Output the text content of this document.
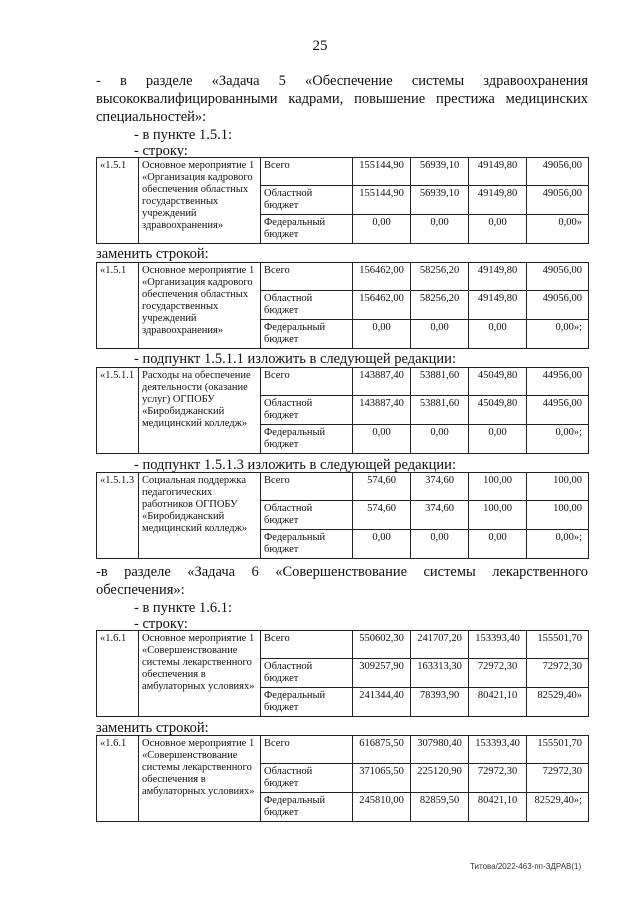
25
- в разделе «Задача 5 «Обеспечение системы здравоохранения
высококвалифицированными кадрами, повышение престижа медицинских
специальностей»:
- в пункте 1.5.1:
- строку:
«1.5.1	Основное мероприятие 1 «Организация кадрового обеспечения областных государственных учреждений здравоохранения»	Всего	155144,90	56939,10	49149,80	49056,00
		Областной бюджет	155144,90	56939,10	49149,80	49056,00
		Федеральный бюджет	0,00	0,00	0,00	0,00»
заменить строкой:
«1.5.1	Основное мероприятие 1 «Организация кадрового обеспечения областных государственных учреждений здравоохранения»	Всего	156462,00	58256,20	49149,80	49056,00
		Областной бюджет	156462,00	58256,20	49149,80	49056,00
		Федеральный бюджет	0,00	0,00	0,00	0,00»;
- подпункт 1.5.1.1 изложить в следующей редакции:
«1.5.1.1	Расходы на обеспечение деятельности (оказание услуг) ОГПОБУ «Биробиджанский медицинский колледж»	Всего	143887,40	53881,60	45049,80	44956,00
		Областной бюджет	143887,40	53881,60	45049,80	44956,00
		Федеральный бюджет	0,00	0,00	0,00	0,00»;
- подпункт 1.5.1.3 изложить в следующей редакции:
«1.5.1.3	Социальная поддержка педагогических работников ОГПОБУ «Биробиджанский медицинский колледж»	Всего	574,60	374,60	100,00	100,00
		Областной бюджет	574,60	374,60	100,00	100,00
		Федеральный бюджет	0,00	0,00	0,00	0,00»;
-в разделе «Задача 6 «Совершенствование системы лекарственного
обеспечения»:
- в пункте 1.6.1:
- строку:
«1.6.1	Основное мероприятие 1 «Совершенствование системы лекарственного обеспечения в амбулаторных условиях»	Всего	550602,30	241707,20	153393,40	155501,70
		Областной бюджет	309257,90	163313,30	72972,30	72972,30
		Федеральный бюджет	241344,40	78393,90	80421,10	82529,40»
заменить строкой:
«1.6.1	Основное мероприятие 1 «Совершенствование системы лекарственного обеспечения в амбулаторных условиях»	Всего	616875,50	307980,40	153393,40	155501,70
		Областной бюджет	371065,50	225120,90	72972,30	72972,30
		Федеральный бюджет	245810,00	82859,50	80421,10	82529,40»;
Титова/2022-463-пп-ЗДРАВ(1)
